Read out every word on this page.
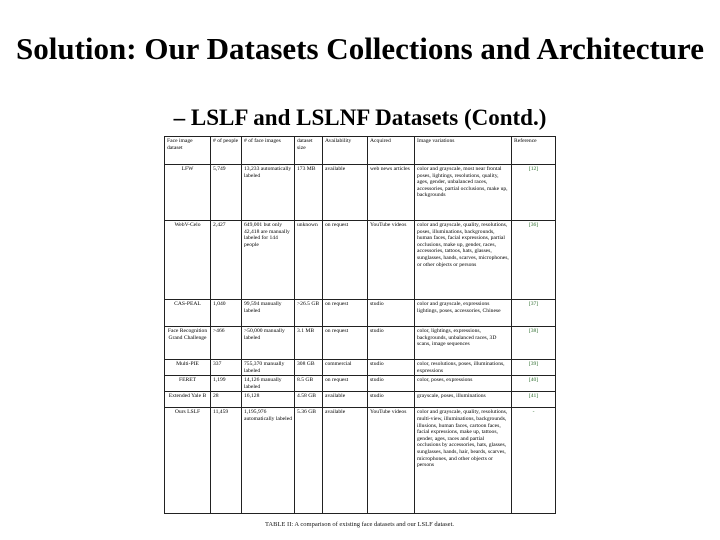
Solution: Our Datasets Collections and Architecture
– LSLF and LSLNF Datasets (Contd.)
Face image dataset	# of people	# of face images	dataset size	Availability	Acquired	Image variations	Reference
LFW	5,749	13,233 automatically labeled	173 MB	available	web news articles	color and grayscale, most near frontal poses, lightings, resolutions, quality, ages, gender, unbalanced races, accessories, partial occlusions, make up, backgrounds	[12]
WebV-Celo	2,427	649,001 but only 42,418 are manually labeled for 144 people	unknown	on request	YouTube videos	color and grayscale, quality, resolutions, poses, illuminations, backgrounds, human faces, facial expressions, partial occlusions, make up, gender, races, accessories, tattoos, hats, glasses, sunglasses, hands, scarves, microphones, or other objects or persons	[36]
CAS-PEAL	1,040	99,594 manually labeled	>26.5 GB	on request	studio	color and grayscale, expressions lightings, poses, accessories, Chinese	[37]
Face Recognition Grand Challenge	>466	>50,000 manually labeled	3.1 MB	on request	studio	color, lightings, expressions, backgrounds, unbalanced races, 3D scans, image sequences	[38]
Multi-PIE	337	755,370 manually labeled	308 GB	commercial	studio	color, resolutions, poses, illuminations, expressions	[39]
FERET	1,199	14,126 manually labeled	8.5 GB	on request	studio	color, poses, expressions	[40]
Extended Yale B	28	16,128	4.58 GB	available	studio	grayscale, poses, illuminations	[41]
Ours LSLF	11,459	1,195,976 automatically labeled	5.36 GB	available	YouTube videos	color and grayscale, quality, resolutions, multi-view, illuminations, backgrounds, illusions, human faces, cartoon faces, facial expressions, make up, tattoos, gender, ages, races and partial occlusions by accessories, hats, glasses, sunglasses, hands, hair, beards, scarves, microphones, and other objects or persons	-
TABLE II: A comparison of existing face datasets and our LSLF dataset.
